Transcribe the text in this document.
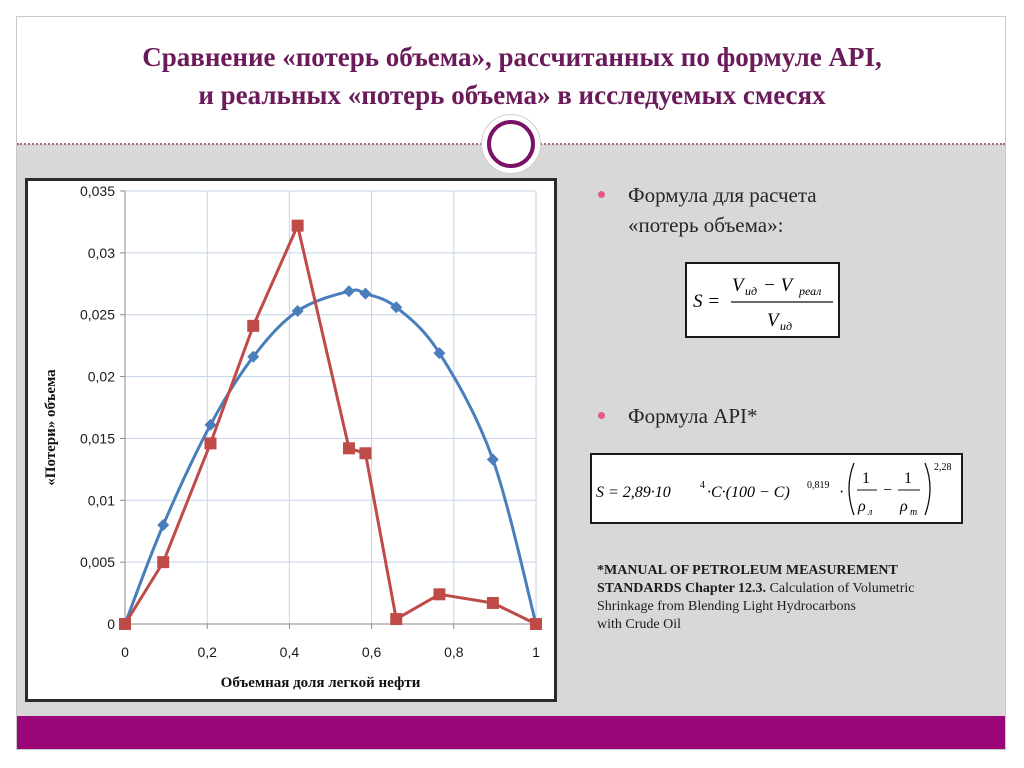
Сравнение «потерь объема», рассчитанных по формуле API,
и реальных «потерь объема» в исследуемых смесях
0
0,005
0,01
0,015
0,02
0,025
0,03
0,035
0	0,2	0,4	0,6	0,8	1
Объемная доля легкой нефти
«Потери» объема
Формула для расчета
«потерь объема»:
S =
V ид − V реал
V ид
Формула API*
S = 2,89·10	4 ·C·(100 − C) 0,819 ·
1
ρ л
−
1
ρ т
2,28
*MANUAL OF PETROLEUM MEASUREMENT STANDARDS Chapter 12.3. Calculation of Volumetric Shrinkage from Blending Light Hydrocarbons
with Crude Oil
